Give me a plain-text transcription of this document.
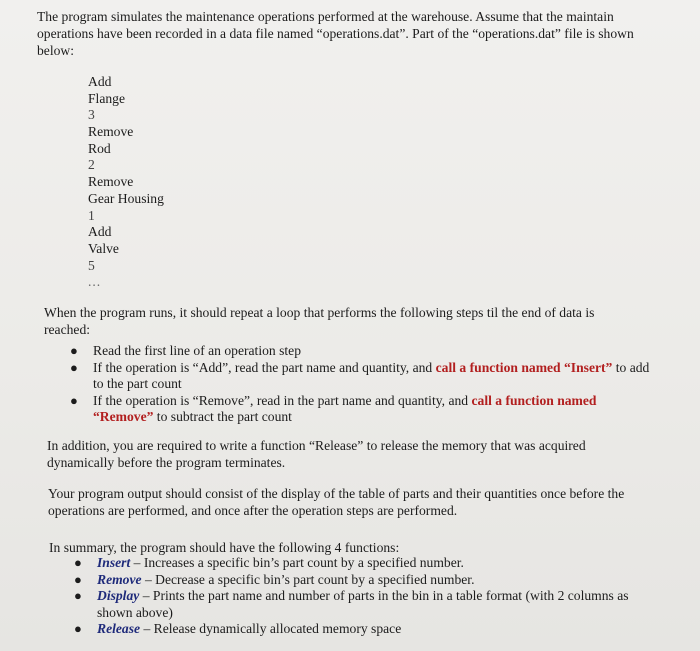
The program simulates the maintenance operations performed at the warehouse. Assume that the maintain operations have been recorded in a data file named “operations.dat”. Part of the “operations.dat” file is shown below:
Add
Flange
3
Remove
Rod
2
Remove
Gear Housing
1
Add
Valve
5
...
When the program runs, it should repeat a loop that performs the following steps til the end of data is reached:
● Read the first line of an operation step
● If the operation is “Add”, read the part name and quantity, and call a function named “Insert” to add to the part count
● If the operation is “Remove”, read in the part name and quantity, and call a function named “Remove” to subtract the part count
In addition, you are required to write a function “Release” to release the memory that was acquired dynamically before the program terminates.
Your program output should consist of the display of the table of parts and their quantities once before the operations are performed, and once after the operation steps are performed.
In summary, the program should have the following 4 functions:
● Insert – Increases a specific bin’s part count by a specified number.
● Remove – Decrease a specific bin’s part count by a specified number.
● Display – Prints the part name and number of parts in the bin in a table format (with 2 columns as shown above)
● Release – Release dynamically allocated memory space
